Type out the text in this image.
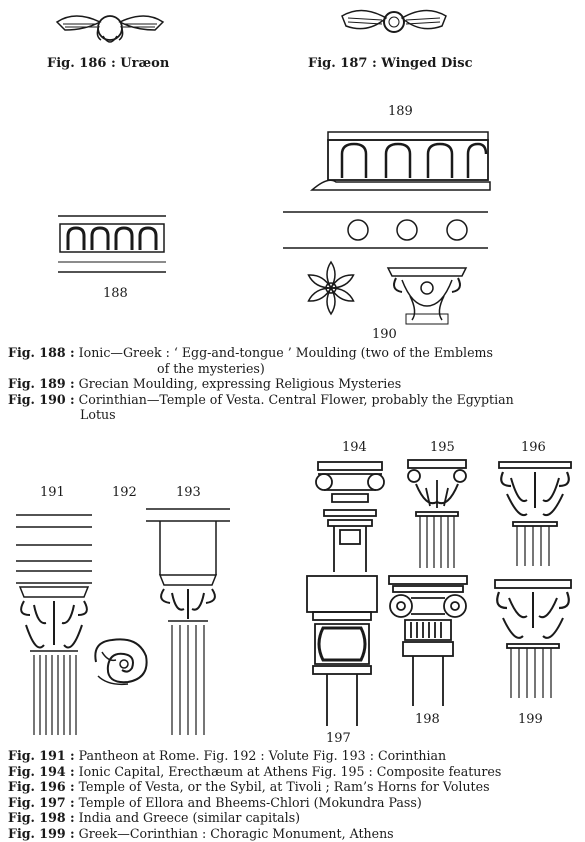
Fig. 186 : Uræon	Fig. 187 : Winged Disc
189
188
190
Fig. 188 : Ionic—Greek : ‘ Egg-and-tongue ’ Moulding (two of the Emblems
of the mysteries)
Fig. 189 : Grecian Moulding, expressing Religious Mysteries
Fig. 190 : Corinthian—Temple of Vesta. Central Flower, probably the Egyptian
Lotus
194	195	196
191	192	193
197
198	199
Fig. 191 : Pantheon at Rome. Fig. 192 : Volute Fig. 193 : Corinthian
Fig. 194 : Ionic Capital, Erecthæum at Athens Fig. 195 : Composite features
Fig. 196 : Temple of Vesta, or the Sybil, at Tivoli ; Ram’s Horns for Volutes
Fig. 197 : Temple of Ellora and Bheems-Chlori (Mokundra Pass)
Fig. 198 : India and Greece (similar capitals)
Fig. 199 : Greek—Corinthian : Choragic Monument, Athens
